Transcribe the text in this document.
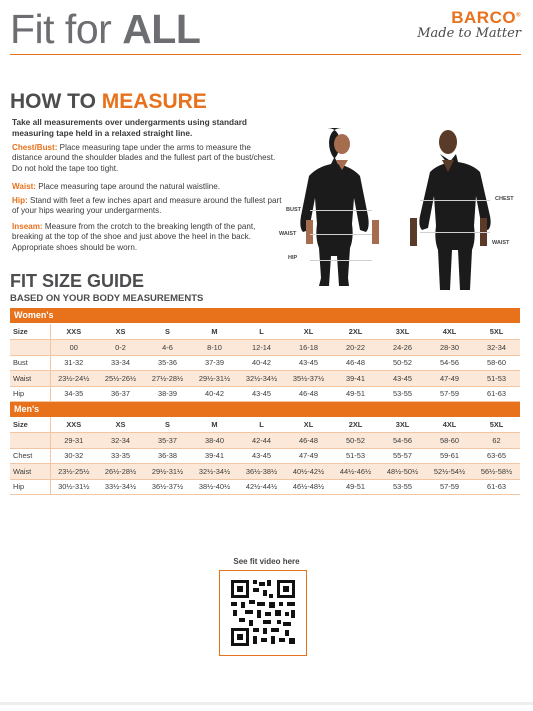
Fit for ALL	BARCO®
Made to Matter
HOW TO MEASURE
Take all measurements over undergarments using standard measuring tape held in a relaxed straight line.
Chest/Bust: Place measuring tape under the arms to measure the distance around the shoulder blades and the fullest part of the bust/chest. Do not hold the tape too tight.
Waist: Place measuring tape around the natural waistline.
Hip: Stand with feet a few inches apart and measure around the fullest part of your hips wearing your undergarments.
Inseam: Measure from the crotch to the breaking length of the pant, breaking at the top of the shoe and just above the heel in the back. Appropriate shoes should be worn.
BUST
WAIST
HIP
CHEST
WAIST
FIT SIZE GUIDE
BASED ON YOUR BODY MEASUREMENTS
Women's
Size	XXS	XS	S	M	L	XL	2XL	3XL	4XL	5XL
	00	0-2	4-6	8-10	12-14	16-18	20-22	24-26	28-30	32-34
Bust	31-32	33-34	35-36	37-39	40-42	43-45	46-48	50-52	54-56	58-60
Waist	23½-24½	25½-26½	27½-28½	29½-31½	32½-34½	35½-37½	39-41	43-45	47-49	51-53
Hip	34-35	36-37	38-39	40-42	43-45	46-48	49-51	53-55	57-59	61-63
Men's
Size	XXS	XS	S	M	L	XL	2XL	3XL	4XL	5XL
	29-31	32-34	35-37	38-40	42-44	46-48	50-52	54-56	58-60	62
Chest	30-32	33-35	36-38	39-41	43-45	47-49	51-53	55-57	59-61	63-65
Waist	23½-25½	26½-28½	29½-31½	32½-34½	36½-38½	40½-42½	44½-46½	48½-50½	52½-54½	56½-58½
Hip	30½-31½	33½-34½	36½-37½	38½-40½	42½-44½	46½-48½	49-51	53-55	57-59	61-63
See fit video here
